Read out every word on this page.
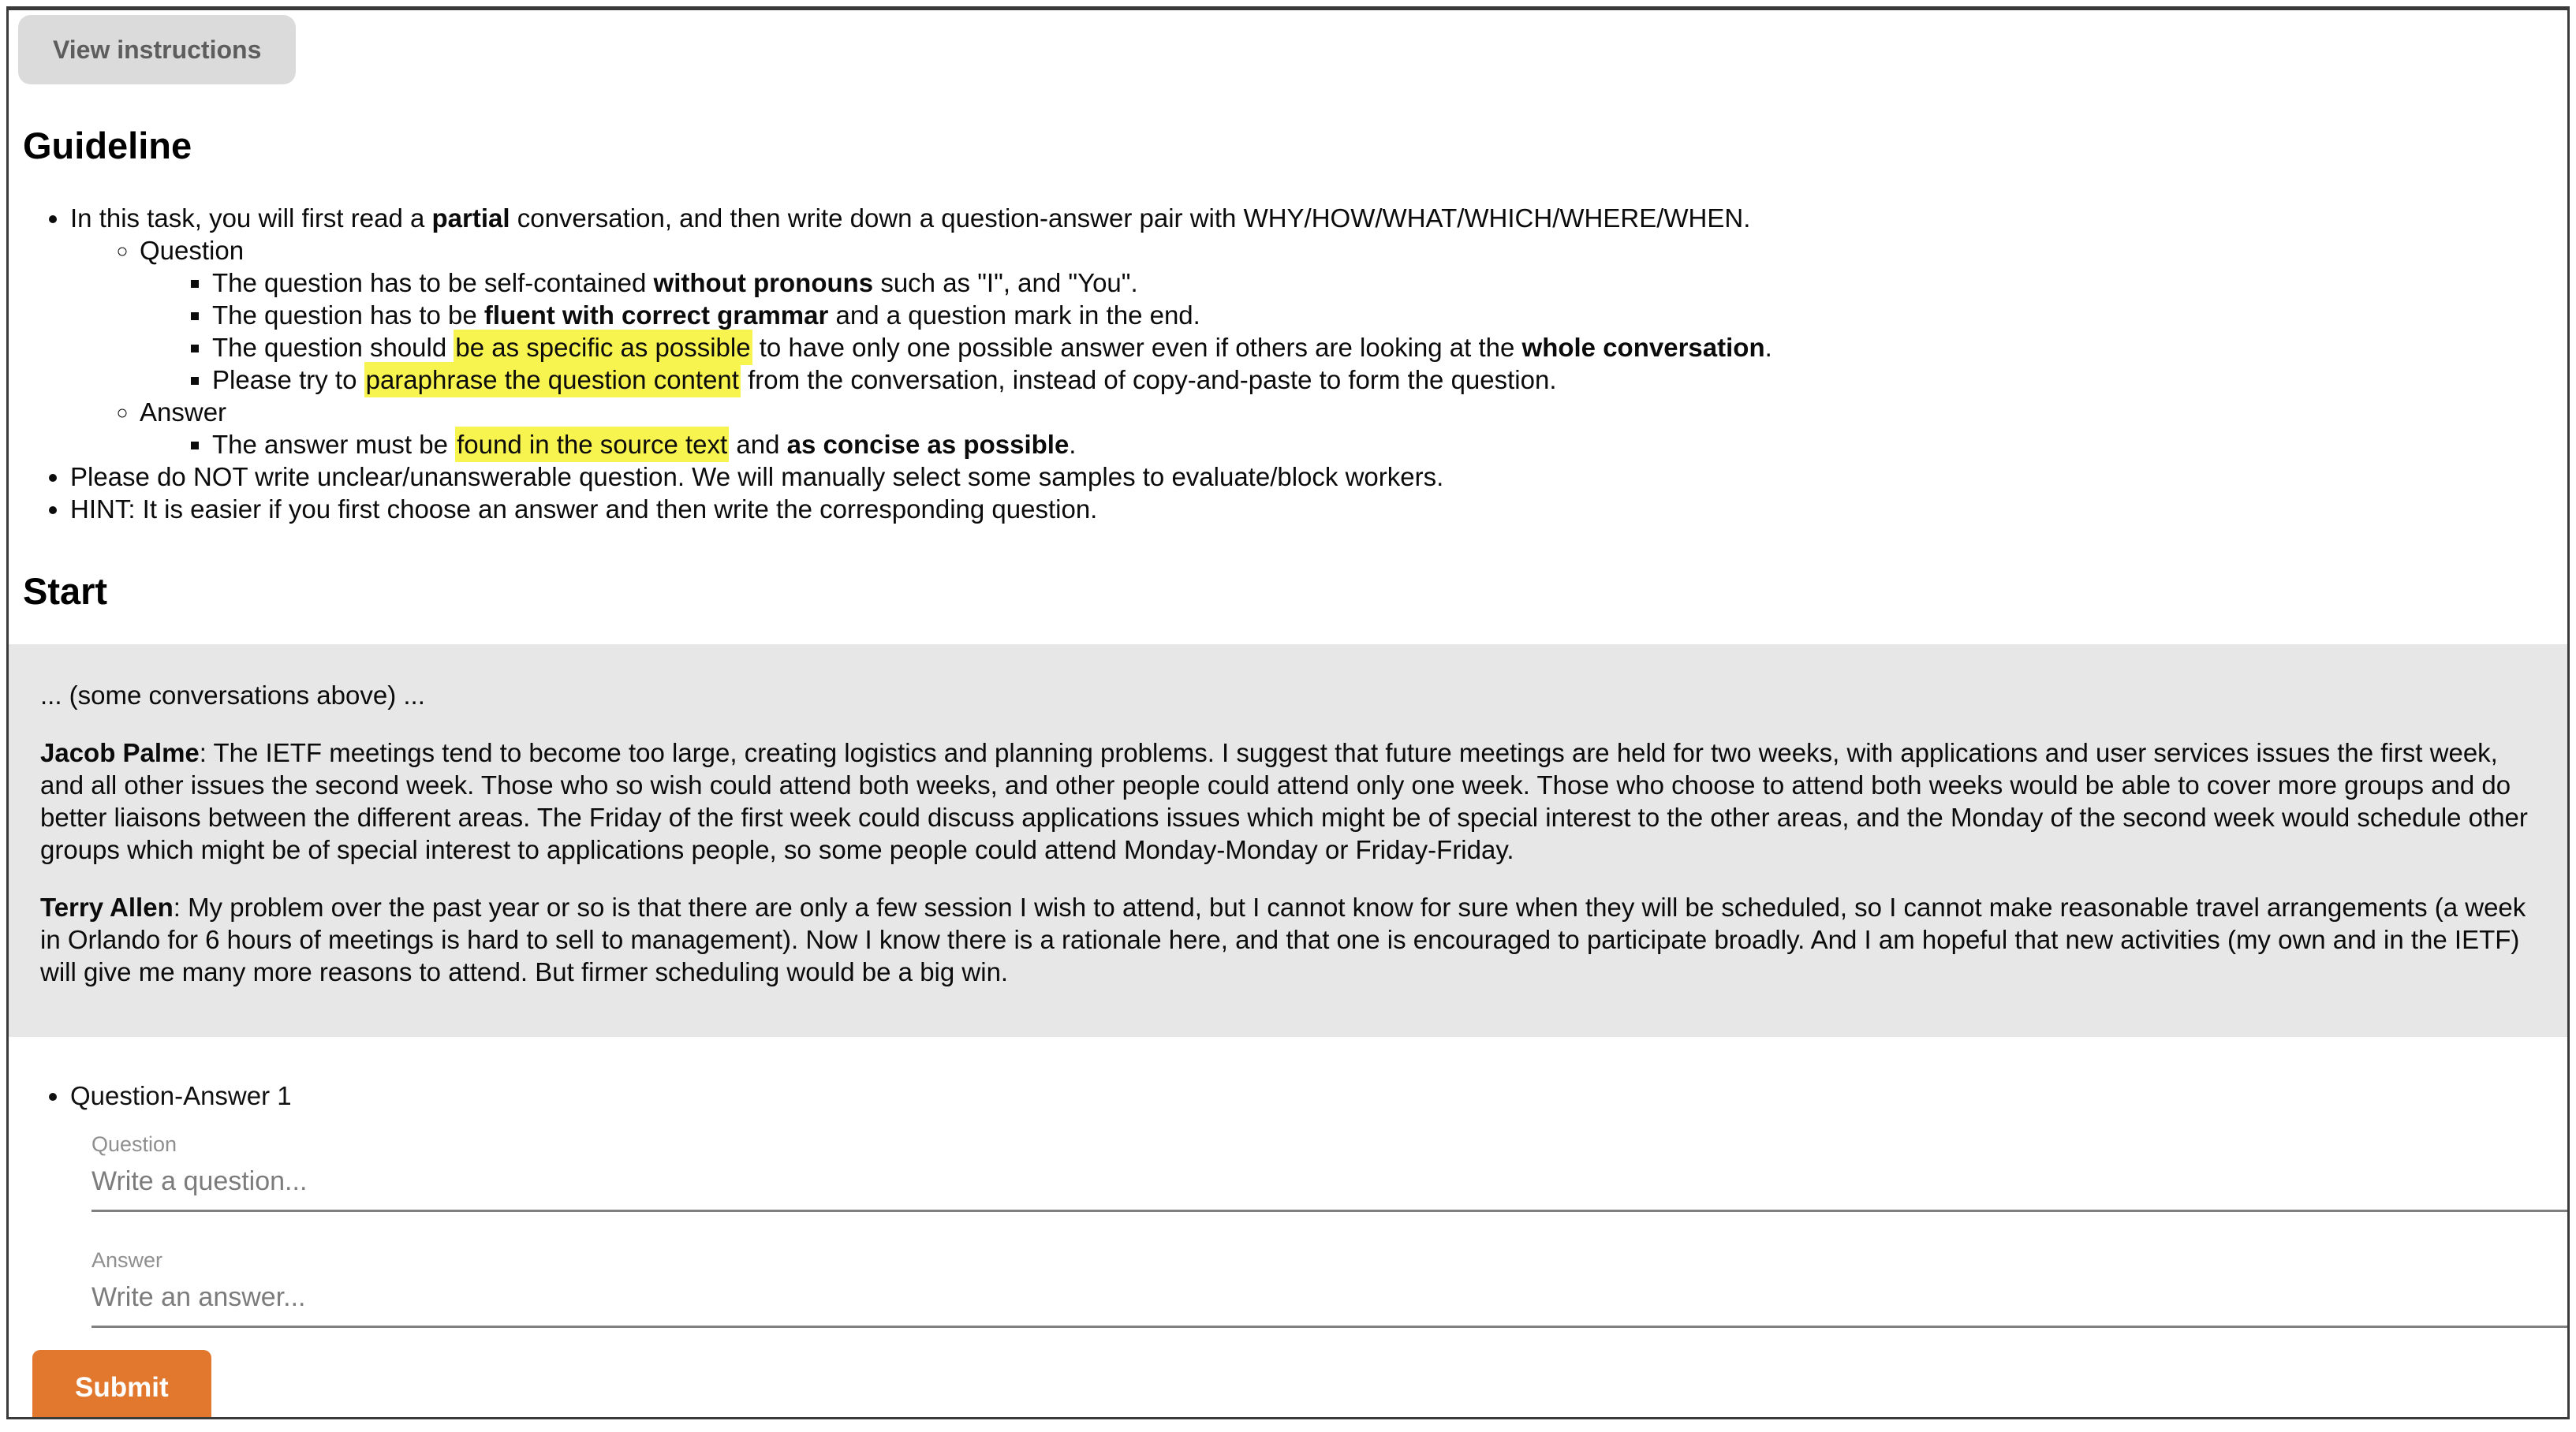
View instructions
Guideline
• In this task, you will first read a partial conversation, and then write down a question-answer pair with WHY/HOW/WHAT/WHICH/WHERE/WHEN.
◦ Question
▪ The question has to be self-contained without pronouns such as "I", and "You".
▪ The question has to be fluent with correct grammar and a question mark in the end.
▪ The question should be as specific as possible to have only one possible answer even if others are looking at the whole conversation.
▪ Please try to paraphrase the question content from the conversation, instead of copy-and-paste to form the question.
◦ Answer
▪ The answer must be found in the source text and as concise as possible.
• Please do NOT write unclear/unanswerable question. We will manually select some samples to evaluate/block workers.
• HINT: It is easier if you first choose an answer and then write the corresponding question.
Start

... (some conversations above) ...

Jacob Palme: The IETF meetings tend to become too large, creating logistics and planning problems. I suggest that future meetings are held for two weeks, with applications and user services issues the first week, and all other issues the second week. Those who so wish could attend both weeks, and other people could attend only one week. Those who choose to attend both weeks would be able to cover more groups and do better liaisons between the different areas. The Friday of the first week could discuss applications issues which might be of special interest to the other areas, and the Monday of the second week would schedule other groups which might be of special interest to applications people, so some people could attend Monday-Monday or Friday-Friday.

Terry Allen: My problem over the past year or so is that there are only a few session I wish to attend, but I cannot know for sure when they will be scheduled, so I cannot make reasonable travel arrangements (a week in Orlando for 6 hours of meetings is hard to sell to management). Now I know there is a rationale here, and that one is encouraged to participate broadly. And I am hopeful that new activities (my own and in the IETF) will give me many more reasons to attend. But firmer scheduling would be a big win.

• Question-Answer 1
Question
Write a question...
Answer
Write an answer...
Submit
